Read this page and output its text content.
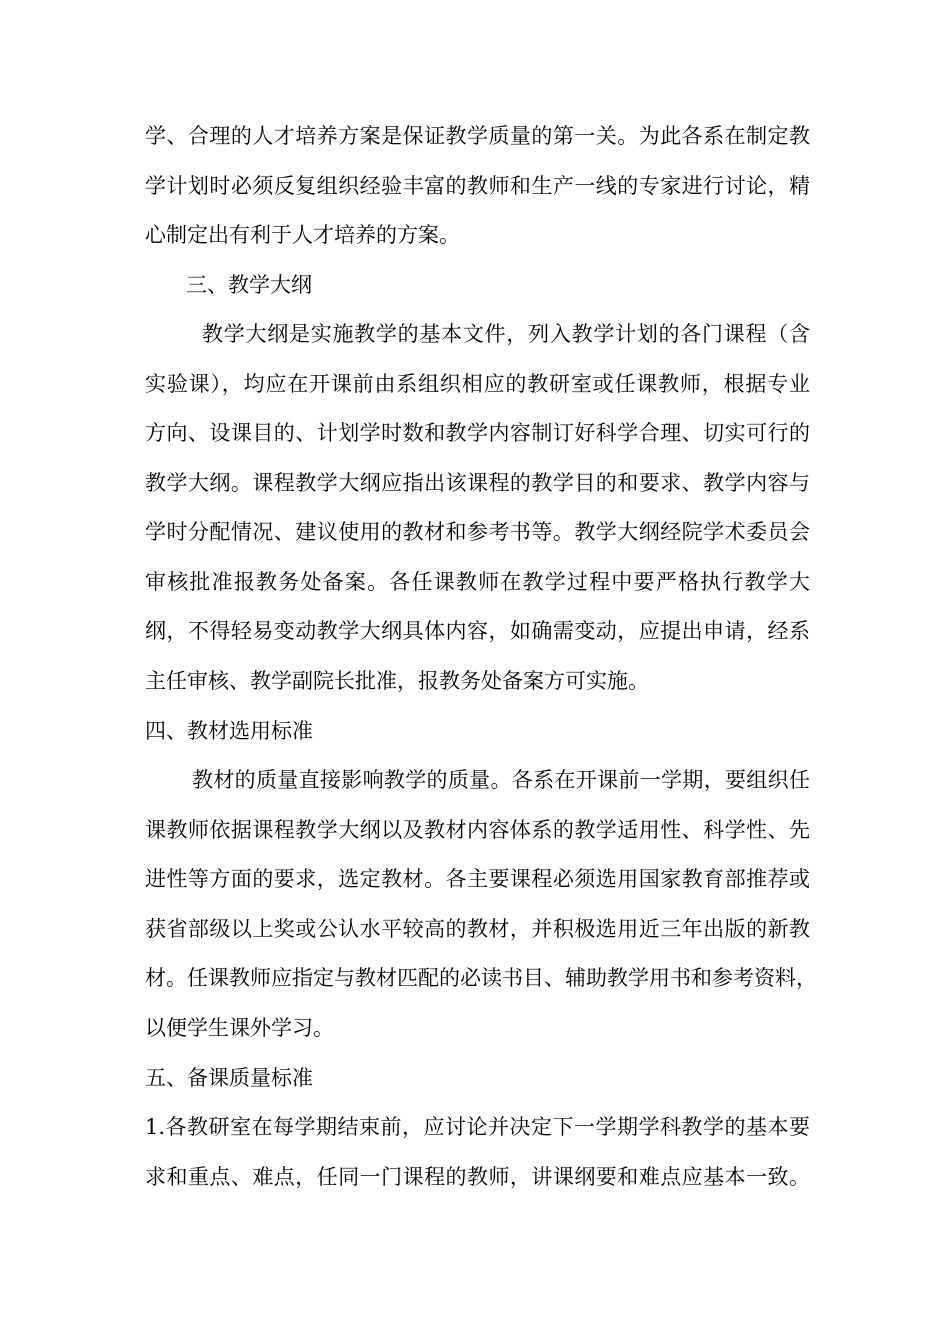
学、合理的人才培养方案是保证教学质量的第一关。为此各系在制定教
学计划时必须反复组织经验丰富的教师和生产一线的专家进行讨论，精
心制定出有利于人才培养的方案。
三、教学大纲
教学大纲是实施教学的基本文件，列入教学计划的各门课程（含
实验课），均应在开课前由系组织相应的教研室或任课教师，根据专业
方向、设课目的、计划学时数和教学内容制订好科学合理、切实可行的
教学大纲。课程教学大纲应指出该课程的教学目的和要求、教学内容与
学时分配情况、建议使用的教材和参考书等。教学大纲经院学术委员会
审核批准报教务处备案。各任课教师在教学过程中要严格执行教学大
纲，不得轻易变动教学大纲具体内容，如确需变动，应提出申请，经系
主任审核、教学副院长批准，报教务处备案方可实施。
四、教材选用标准
教材的质量直接影响教学的质量。各系在开课前一学期，要组织任
课教师依据课程教学大纲以及教材内容体系的教学适用性、科学性、先
进性等方面的要求，选定教材。各主要课程必须选用国家教育部推荐或
获省部级以上奖或公认水平较高的教材，并积极选用近三年出版的新教
材。任课教师应指定与教材匹配的必读书目、辅助教学用书和参考资料，
以便学生课外学习。
五、备课质量标准
1.各教研室在每学期结束前，应讨论并决定下一学期学科教学的基本要
求和重点、难点，任同一门课程的教师，讲课纲要和难点应基本一致。
